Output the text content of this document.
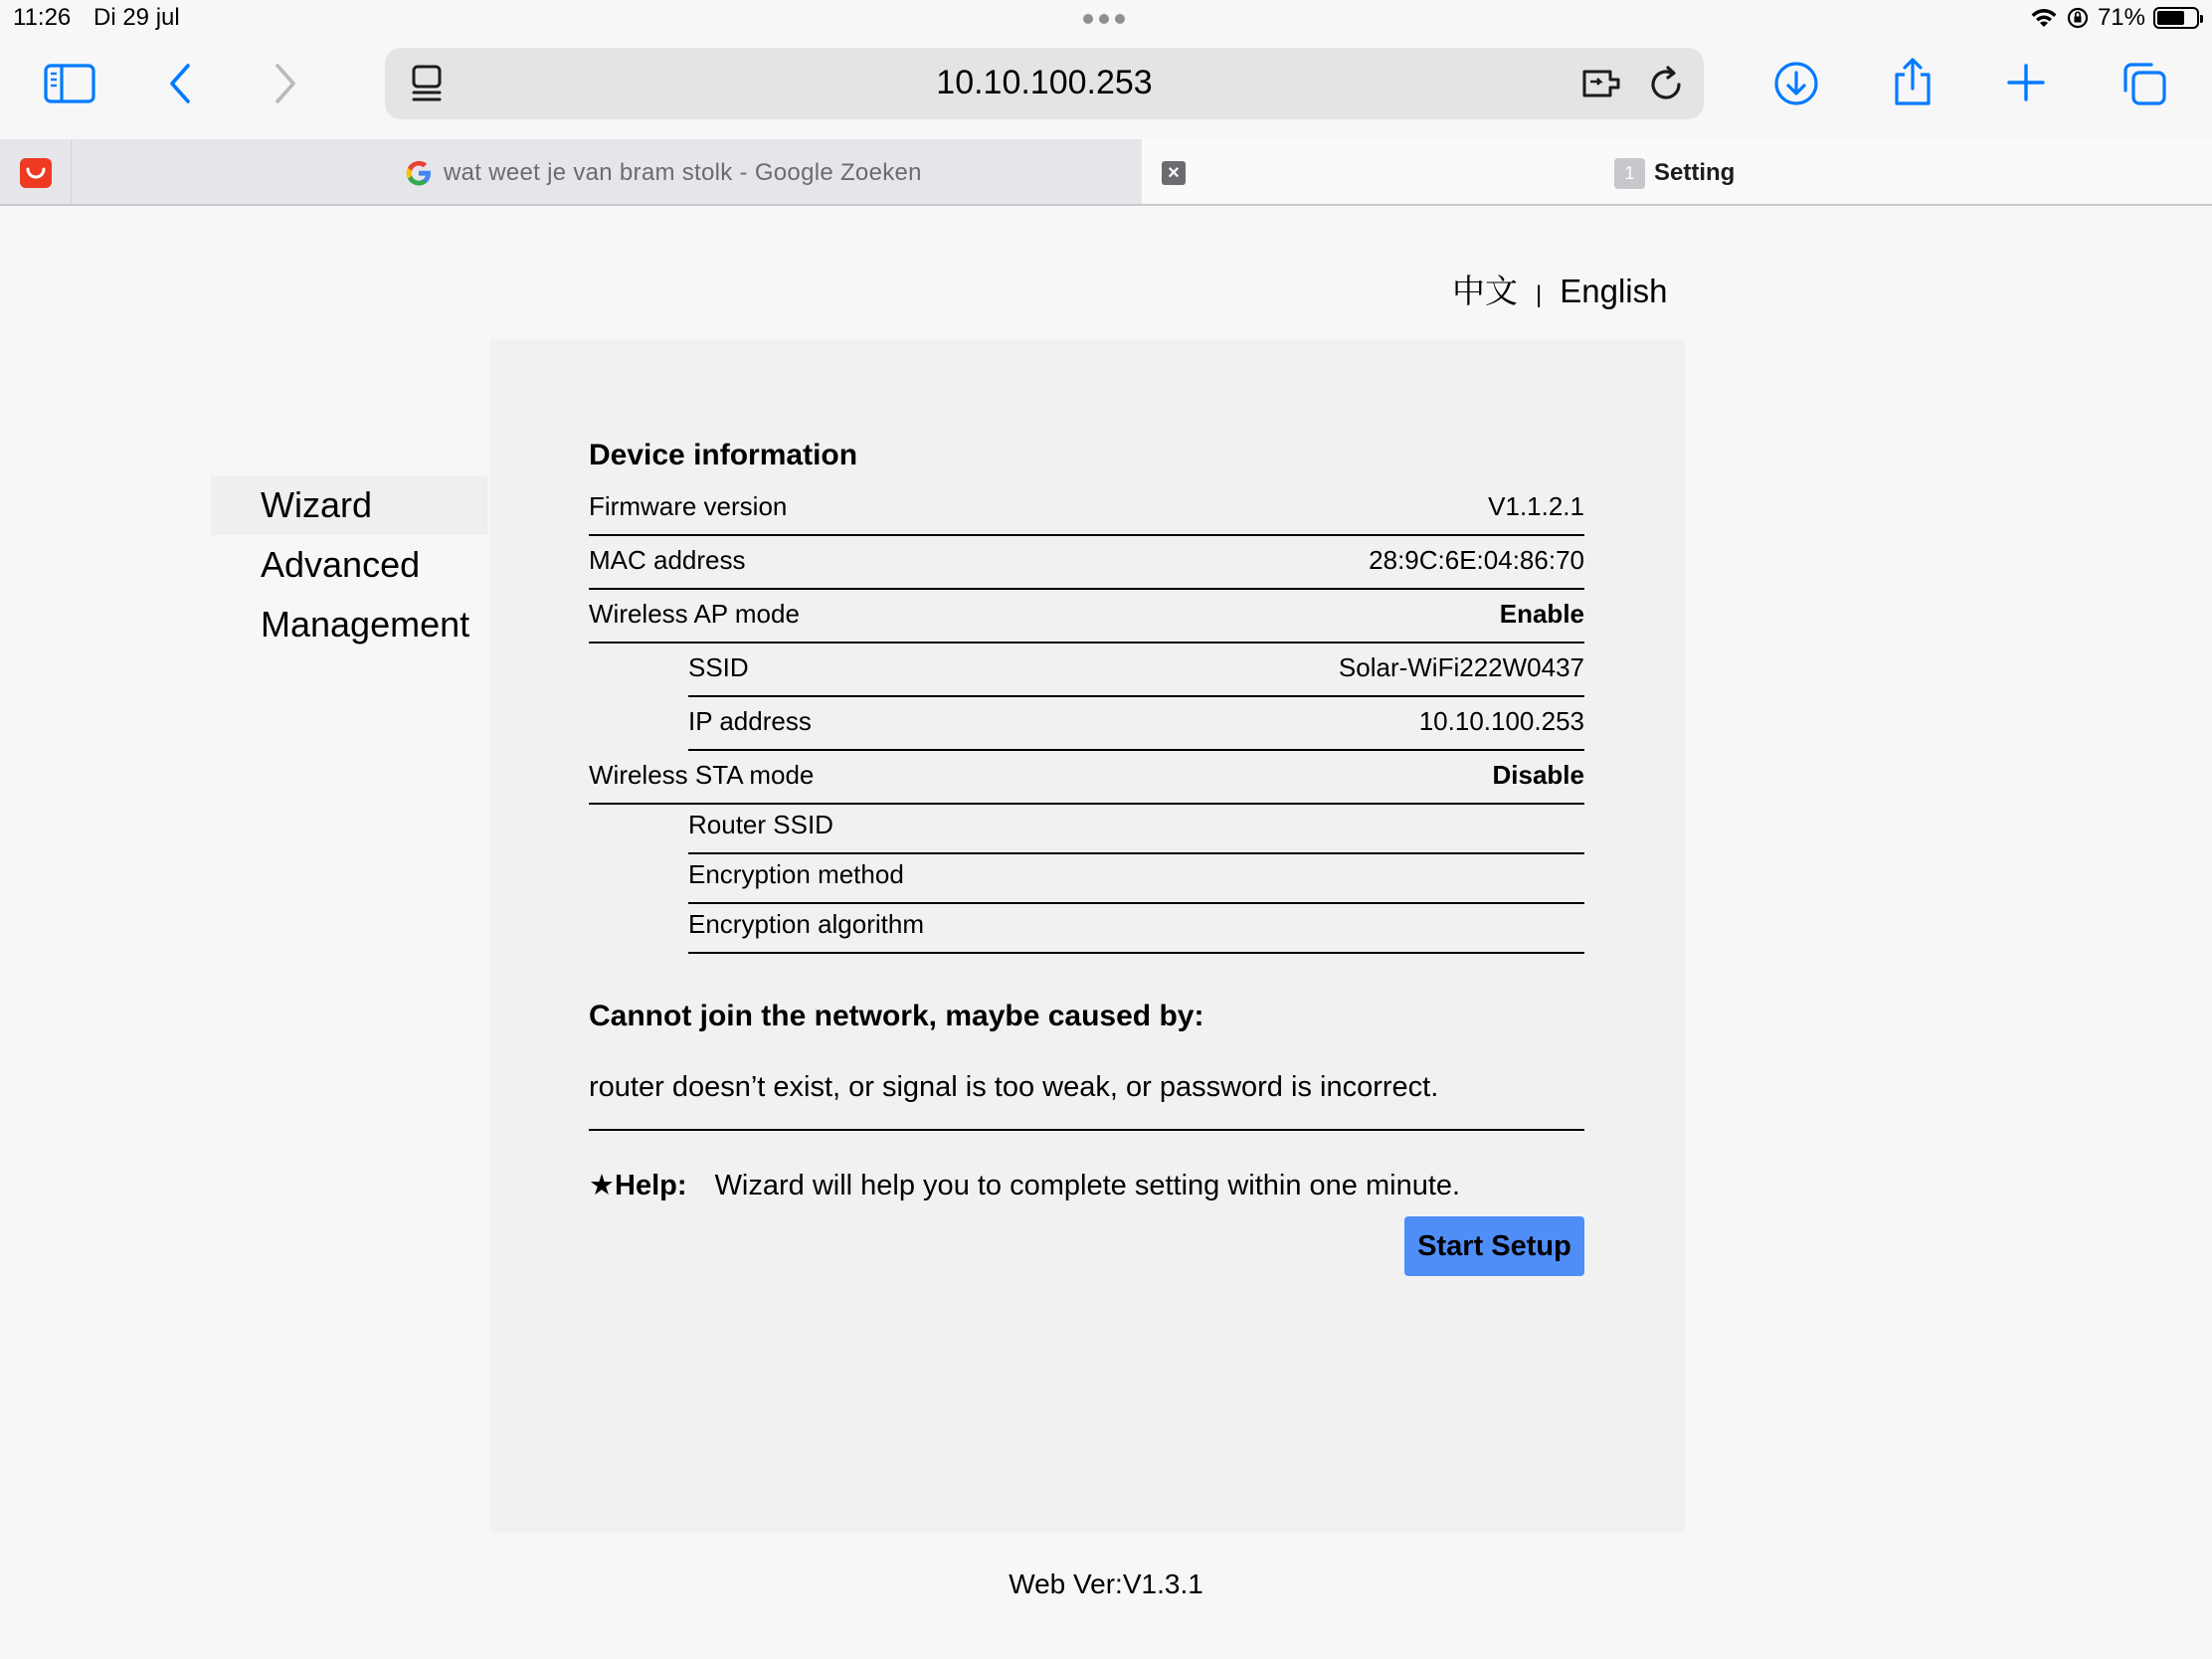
11:26 Di 29 jul	71%
10.10.100.253
wat weet je van bram stolk - Google Zoeken	×	1 Setting
中文 | English
Wizard
Advanced
Management
Device information
Firmware version	V1.1.2.1
MAC address	28:9C:6E:04:86:70
Wireless AP mode	Enable
SSID	Solar-WiFi222W0437
IP address	10.10.100.253
Wireless STA mode	Disable
Router SSID
Encryption method
Encryption algorithm
Cannot join the network, maybe caused by:
router doesn’t exist, or signal is too weak, or password is incorrect.
★Help: Wizard will help you to complete setting within one minute.
Start Setup
Web Ver:V1.3.1
